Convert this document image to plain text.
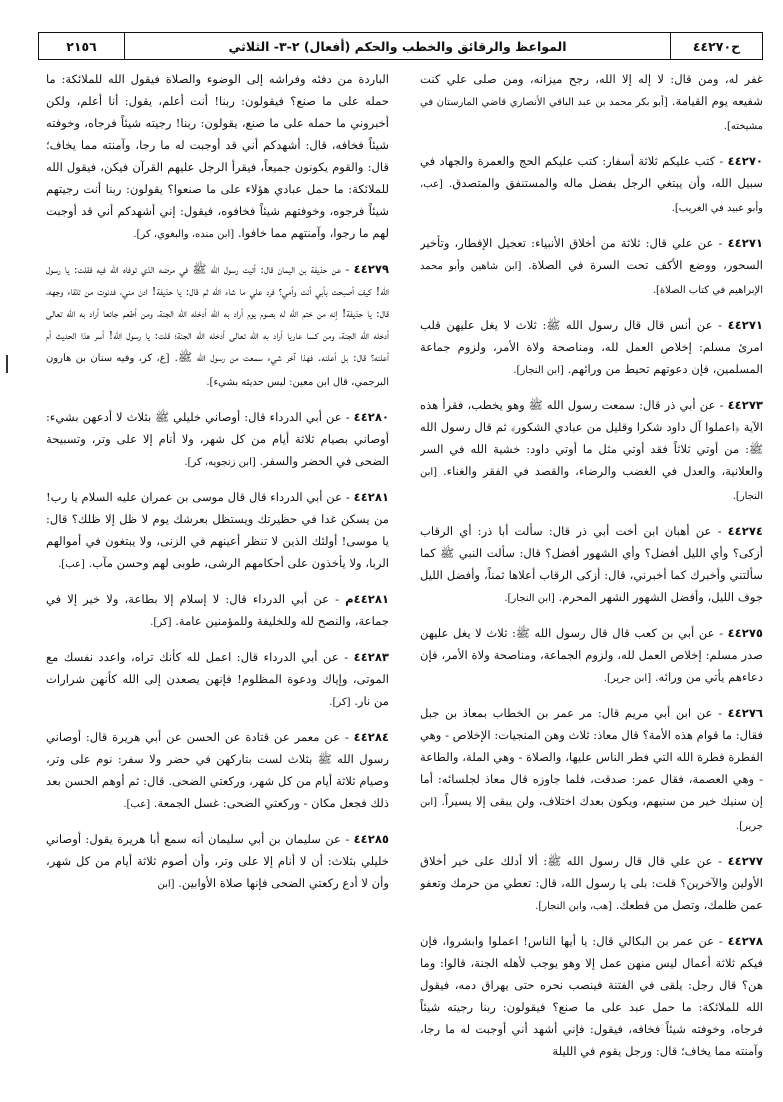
ح٤٤٢٧٠
المواعظ والرقائق والخطب والحكم (أفعال) ٢-٣- الثلاثي
٢١٥٦

غفر له، ومن قال: لا إله إلا الله، رجح ميزانه، ومن صلى علي كنت شفيعه يوم القيامة. [أبو بكر محمد بن عبد الباقي الأنصاري قاضي المارستان في مشيخته].

٤٤٢٧٠ - كتب عليكم ثلاثة أسفار: كتب عليكم الحج والعمرة والجهاد في سبيل الله، وأن يبتغي الرجل بفضل ماله والمستنفق والمتصدق. [عب، وأبو عبيد في الغريب].

٤٤٢٧١ - عن علي قال: ثلاثة من أخلاق الأنبياء: تعجيل الإفطار، وتأخير السحور، ووضع الأكف تحت السرة في الصلاة. [ابن شاهين وأبو محمد الإبراهيم في كتاب الصلاة].

٤٤٢٧١ - عن أنس قال قال رسول الله ﷺ: ثلاث لا يغل عليهن قلب امرئ مسلم: إخلاص العمل لله، ومناصحة ولاة الأمر، ولزوم جماعة المسلمين، فإن دعوتهم تحيط من ورائهم. [ابن النجار].

٤٤٢٧٣ - عن أبي ذر قال: سمعت رسول الله ﷺ وهو يخطب، فقرأ هذه الآية ﴿اعملوا آل داود شكرا وقليل من عبادي الشكور﴾ ثم قال رسول الله ﷺ: من أوتي ثلاثاً فقد أوتي مثل ما أوتي داود: خشية الله في السر والعلانية، والعدل في الغضب والرضاء، والقصد في الفقر والغناء. [ابن النجار].

٤٤٢٧٤ - عن أهبان ابن أخت أبي ذر قال: سألت أبا ذر: أي الرقاب أزكى؟ وأي الليل أفضل؟ وأي الشهور أفضل؟ قال: سألت النبي ﷺ كما سألتني وأخبرك كما أخبرني، قال: أزكى الرقاب أعلاها ثمناً، وأفضل الليل جوف الليل، وأفضل الشهور الشهر المحرم. [ابن النجار].

٤٤٢٧٥ - عن أبي بن كعب قال قال رسول الله ﷺ: ثلاث لا يغل عليهن صدر مسلم: إخلاص العمل لله، ولزوم الجماعة، ومناصحة ولاة الأمر، فإن دعاءهم يأتي من ورائه. [ابن جرير].

٤٤٢٧٦ - عن ابن أبي مريم قال: مر عمر بن الخطاب بمعاذ بن جبل فقال: ما قوام هذه الأمة؟ قال معاذ: ثلاث وهن المنجيات: الإخلاص - وهي الفطرة فطرة الله التي فطر الناس عليها، والصلاة - وهي الملة، والطاعة - وهي العصمة، فقال عمر: صدقت، فلما جاوزه قال معاذ لجلسائه: أما إن سنيك خير من سنيهم، ويكون بعدك اختلاف، ولن يبقى إلا يسيراً. [ابن جرير].

٤٤٢٧٧ - عن علي قال قال رسول الله ﷺ: ألا أدلك على خير أخلاق الأولين والآخرين؟ قلت: بلى يا رسول الله، قال: تعطي من حرمك وتعفو عمن ظلمك، وتصل من قطعك. [هب، وابن النجار].

٤٤٢٧٨ - عن عمر بن البكالي قال: يا أيها الناس! اعملوا وابشروا، فإن فيكم ثلاثة أعمال ليس منهن عمل إلا وهو يوجب لأهله الجنة، قالوا: وما هن؟ قال رجل: يلقى في الفتنة فينصب نحره حتى يهراق دمه، فيقول الله للملائكة: ما حمل عبد على ما صنع؟ فيقولون: ربنا رجيته شيئاً فرجاه، وخوفته شيئاً فخافه، فيقول: فإني أشهد أني أوجبت له ما رجا، وآمنته مما يخاف؛ قال: ورجل يقوم في الليلة

الباردة من دفئه وفراشه إلى الوضوء والصلاة فيقول الله للملائكة: ما حمله على ما صنع؟ فيقولون: ربنا! أنت أعلم، يقول: أنا أعلم، ولكن أخبروني ما حمله على ما صنع، يقولون: ربنا! رجيته شيئاً فرجاه، وخوفته شيئاً فخافه، قال: أشهدكم أني قد أوجبت له ما رجا، وآمنته مما يخاف؛ قال: والقوم يكونون جميعاً، فيقرأ الرجل عليهم القرآن فيكن، فيقول الله للملائكة: ما حمل عبادي هؤلاء على ما صنعوا؟ يقولون: ربنا أنت رجيتهم شيئاً فرجوه، وخوفتهم شيئاً فخافوه، فيقول: إني أشهدكم أني قد أوجبت لهم ما رجوا، وآمنتهم مما خافوا. [ابن منده، والبغوي، كر].

٤٤٢٧٩ - عن حذيفة بن اليمان قال: أتيت رسول الله ﷺ في مرضه الذي توفاه الله فيه فقلت: يا رسول الله! كيف أصبحت بأبي أنت وأمي؟ فرد علي ما شاء الله ثم قال: يا حذيفة! ادن مني، فدنوت من تلقاء وجهه، قال: يا حذيفة! إنه من ختم الله له بصوم يوم أراد به الله أدخله الله الجنة، ومن أطعم جائعا أراد به الله تعالى أدخله الله الجنة، ومن كسا عاريا أراد به الله تعالى أدخله الله الجنة؛ قلت: يا رسول الله! أسر هذا الحديث أم أعلنه؟ قال: بل أعلنه. فهذا آخر شيء سمعت من رسول الله ﷺ. [ع، كر، وفيه سنان بن هارون البرجمي، قال ابن معين: ليس حديثه بشيء].

٤٤٢٨٠ - عن أبي الدرداء قال: أوصاني خليلي ﷺ بثلاث لا أدعهن بشيء: أوصاني بصيام ثلاثة أيام من كل شهر، ولا أنام إلا على وتر، وتسبيحة الضحى في الحضر والسفر. [ابن زنجويه، كر].

٤٤٢٨١ - عن أبي الدرداء قال قال موسى بن عمران عليه السلام يا رب! من يسكن غدا في حظيرتك ويستظل بعرشك يوم لا ظل إلا ظلك؟ قال: يا موسى! أولئك الذين لا تنظر أعينهم في الزنى، ولا يبتغون في أموالهم الربا، ولا يأخذون على أحكامهم الرشى، طوبى لهم وحسن مآب. [عب].

٤٤٢٨١م - عن أبي الدرداء قال: لا إسلام إلا بطاعة، ولا خير إلا في جماعة، والنصح لله وللخليفة وللمؤمنين عامة. [كر].

٤٤٢٨٣ - عن أبي الدرداء قال: اعمل لله كأنك تراه، واعدد نفسك مع الموتى، وإياك ودعوة المظلوم! فإنهن يصعدن إلى الله كأنهن شرارات من نار. [كر].

٤٤٢٨٤ - عن معمر عن قتادة عن الحسن عن أبي هريرة قال: أوصاني رسول الله ﷺ بثلاث لست بتاركهن في حضر ولا سفر: نوم على وتر، وصيام ثلاثة أيام من كل شهر، وركعتي الضحى. قال: ثم أوهم الحسن بعد ذلك فجعل مكان - وركعتي الضحى: غسل الجمعة. [عب].

٤٤٢٨٥ - عن سليمان بن أبي سليمان أنه سمع أبا هريرة يقول: أوصاني خليلي بثلاث: أن لا أنام إلا على وتر، وأن أصوم ثلاثة أيام من كل شهر، وأن لا أدع ركعتي الضحى فإنها صلاة الأوابين. [ابن
